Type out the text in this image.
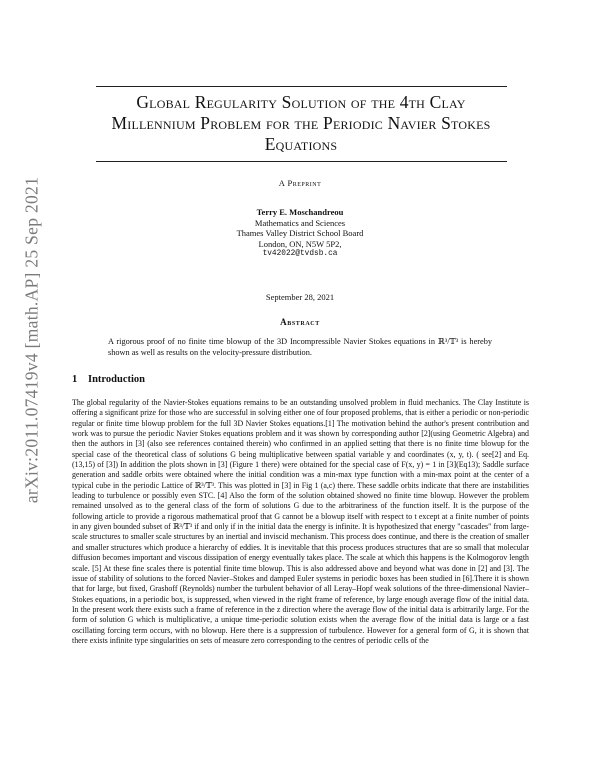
arXiv:2011.07419v4 [math.AP] 25 Sep 2021
Global Regularity Solution of the 4th Clay
Millennium Problem for the Periodic Navier Stokes
Equations
A Preprint
Terry E. Moschandreou
Mathematics and Sciences
Thames Valley District School Board
London, ON, N5W 5P2,
tv42022@tvdsb.ca
September 28, 2021
Abstract
A rigorous proof of no finite time blowup of the 3D Incompressible Navier Stokes equations in ℝ³/𝕋³ is hereby shown as well as results on the velocity-pressure distribution.
1 Introduction
The global regularity of the Navier-Stokes equations remains to be an outstanding unsolved problem in fluid mechanics. The Clay Institute is offering a significant prize for those who are successful in solving either one of four proposed problems, that is either a periodic or non-periodic regular or finite time blowup problem for the full 3D Navier Stokes equations.[1] The motivation behind the author's present contribution and work was to pursue the periodic Navier Stokes equations problem and it was shown by corresponding author [2](using Geometric Algebra) and then the authors in [3] (also see references contained therein) who confirmed in an applied setting that there is no finite time blowup for the special case of the theoretical class of solutions G being multiplicative between spatial variable y and coordinates (x, y, t). ( see[2] and Eq.(13,15) of [3]) In addition the plots shown in [3] (Figure 1 there) were obtained for the special case of F(x, y) = 1 in [3](Eq13); Saddle surface generation and saddle orbits were obtained where the initial condition was a min-max type function with a min-max point at the center of a typical cube in the periodic Lattice of ℝ³/𝕋³. This was plotted in [3] in Fig 1 (a,c) there. These saddle orbits indicate that there are instabilities leading to turbulence or possibly even STC. [4] Also the form of the solution obtained showed no finite time blowup. However the problem remained unsolved as to the general class of the form of solutions G due to the arbitrariness of the function itself. It is the purpose of the following article to provide a rigorous mathematical proof that G cannot be a blowup itself with respect to t except at a finite number of points in any given bounded subset of ℝ³/𝕋³ if and only if in the initial data the energy is infinite. It is hypothesized that energy "cascades" from large-scale structures to smaller scale structures by an inertial and inviscid mechanism. This process does continue, and there is the creation of smaller and smaller structures which produce a hierarchy of eddies. It is inevitable that this process produces structures that are so small that molecular diffusion becomes important and viscous dissipation of energy eventually takes place. The scale at which this happens is the Kolmogorov length scale. [5] At these fine scales there is potential finite time blowup. This is also addressed above and beyond what was done in [2] and [3]. The issue of stability of solutions to the forced Navier–Stokes and damped Euler systems in periodic boxes has been studied in [6].There it is shown that for large, but fixed, Grashoff (Reynolds) number the turbulent behavior of all Leray–Hopf weak solutions of the three-dimensional Navier–Stokes equations, in a periodic box, is suppressed, when viewed in the right frame of reference, by large enough average flow of the initial data. In the present work there exists such a frame of reference in the z direction where the average flow of the initial data is arbitrarily large. For the form of solution G which is multiplicative, a unique time-periodic solution exists when the average flow of the initial data is large or a fast oscillating forcing term occurs, with no blowup. Here there is a suppression of turbulence. However for a general form of G, it is shown that there exists infinite type singularities on sets of measure zero corresponding to the centres of periodic cells of the
